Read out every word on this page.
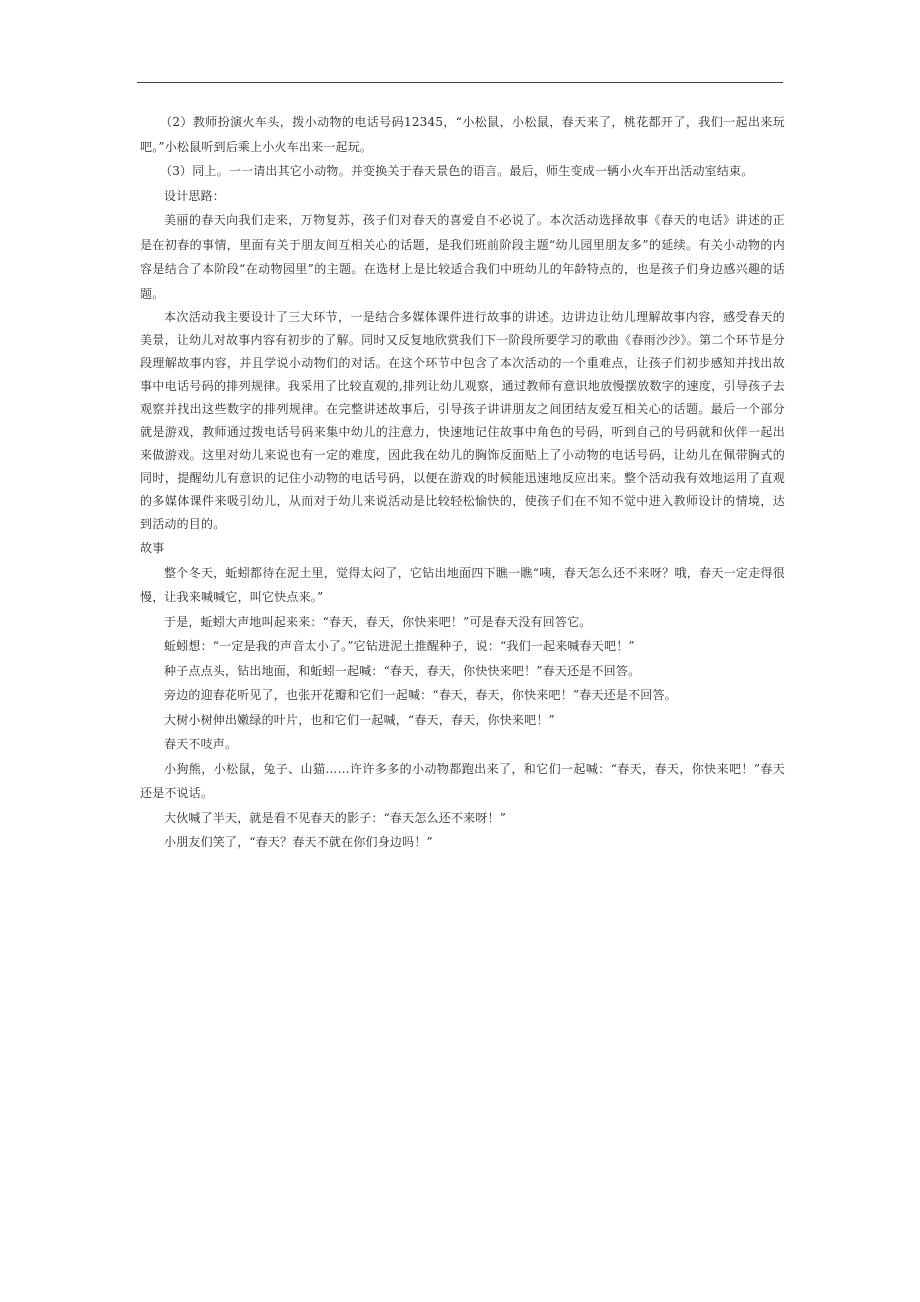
（2）教师扮演火车头，拨小动物的电话号码12345，“小松鼠，小松鼠，春天来了，桃花都开了，我们一起出来玩吧。”小松鼠听到后乘上小火车出来一起玩。

（3）同上。一一请出其它小动物。并变换关于春天景色的语言。最后，师生变成一辆小火车开出活动室结束。

设计思路：

美丽的春天向我们走来，万物复苏，孩子们对春天的喜爱自不必说了。本次活动选择故事《春天的电话》讲述的正是在初春的事情，里面有关于朋友间互相关心的话题，是我们班前阶段主题“幼儿园里朋友多”的延续。有关小动物的内容是结合了本阶段“在动物园里”的主题。在选材上是比较适合我们中班幼儿的年龄特点的，也是孩子们身边感兴趣的话题。

本次活动我主要设计了三大环节，一是结合多媒体课件进行故事的讲述。边讲边让幼儿理解故事内容，感受春天的美景，让幼儿对故事内容有初步的了解。同时又反复地欣赏我们下一阶段所要学习的歌曲《春雨沙沙》。第二个环节是分段理解故事内容，并且学说小动物们的对话。在这个环节中包含了本次活动的一个重难点，让孩子们初步感知并找出故事中电话号码的排列规律。我采用了比较直观的,排列让幼儿观察，通过教师有意识地放慢摆放数字的速度，引导孩子去观察并找出这些数字的排列规律。在完整讲述故事后，引导孩子讲讲朋友之间团结友爱互相关心的话题。最后一个部分就是游戏，教师通过拨电话号码来集中幼儿的注意力，快速地记住故事中角色的号码，听到自己的号码就和伙伴一起出来做游戏。这里对幼儿来说也有一定的难度，因此我在幼儿的胸饰反面贴上了小动物的电话号码，让幼儿在佩带胸式的同时，提醒幼儿有意识的记住小动物的电话号码，以便在游戏的时候能迅速地反应出来。整个活动我有效地运用了直观的多媒体课件来吸引幼儿，从而对于幼儿来说活动是比较轻松愉快的，使孩子们在不知不觉中进入教师设计的情境，达到活动的目的。

故事

整个冬天，蚯蚓都待在泥土里，觉得太闷了，它钻出地面四下瞧一瞧“咦，春天怎么还不来呀？哦，春天一定走得很慢，让我来喊喊它，叫它快点来。”

于是，蚯蚓大声地叫起来来：“春天，春天，你快来吧！”可是春天没有回答它。

蚯蚓想：“一定是我的声音太小了。”它钻进泥土推醒种子，说：“我们一起来喊春天吧！”

种子点点头，钻出地面，和蚯蚓一起喊：“春天，春天，你快快来吧！”春天还是不回答。

旁边的迎春花听见了，也张开花瓣和它们一起喊：“春天，春天，你快来吧！”春天还是不回答。

大树小树伸出嫩绿的叶片，也和它们一起喊，“春天，春天，你快来吧！”

春天不吱声。

小狗熊，小松鼠，兔子、山猫……许许多多的小动物都跑出来了，和它们一起喊：“春天，春天，你快来吧！”春天还是不说话。

大伙喊了半天，就是看不见春天的影子：“春天怎么还不来呀！”

小朋友们笑了，“春天？春天不就在你们身边吗！”
